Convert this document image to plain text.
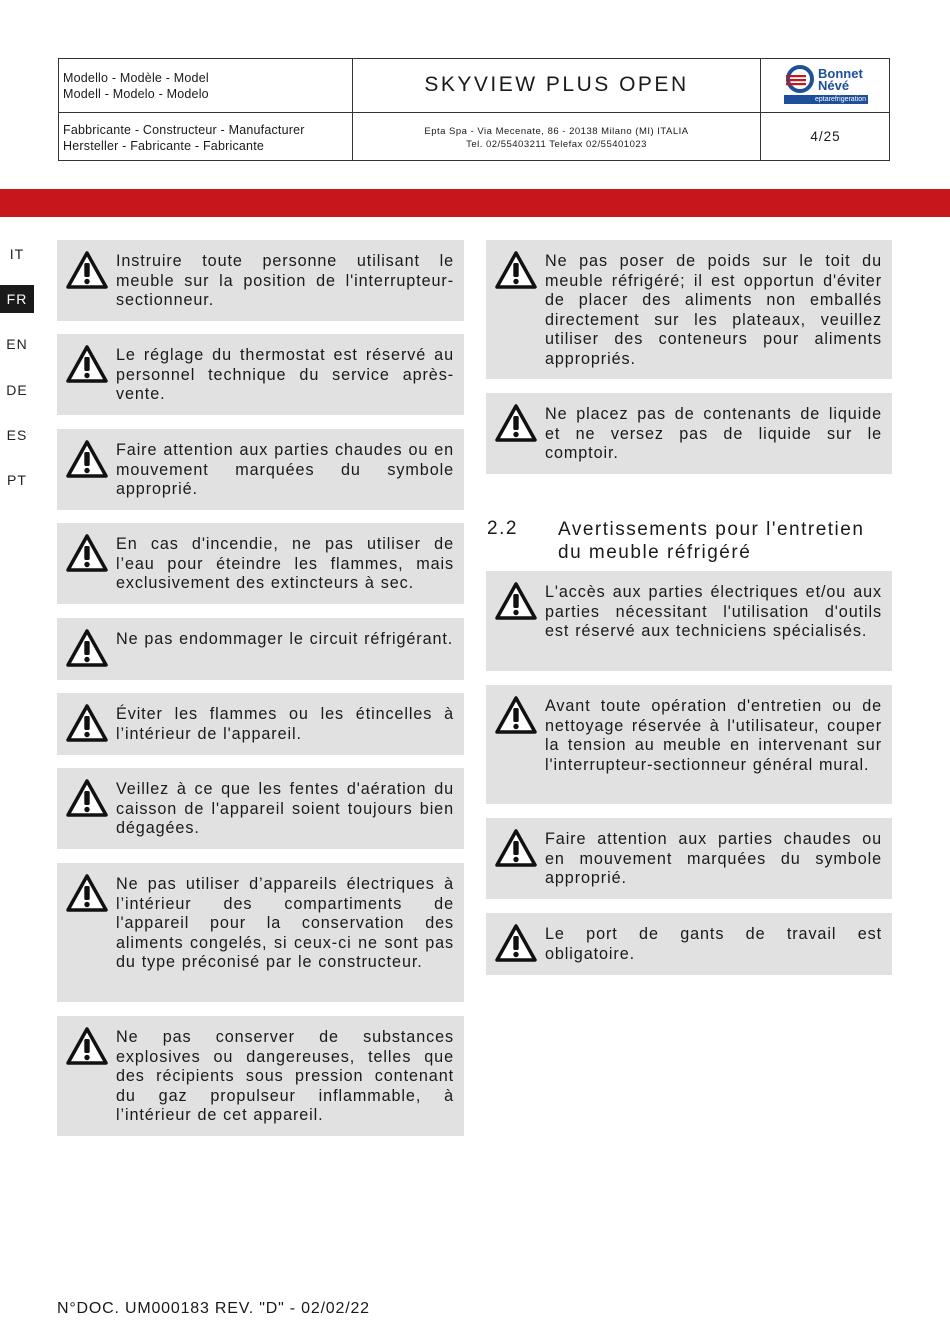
Modello - Modèle - Model
Modell - Modelo - Modelo	SKYVIEW PLUS OPEN
Fabbricante - Constructeur - Manufacturer
Hersteller - Fabricante - Fabricante
Epta Spa - Via Mecenate, 86 - 20138 Milano (MI) ITALIA
Tel. 02/55403211 Telefax 02/55401023
4/25
Bonnet
Névé
eptarefrigeration
IT
FR
EN
DE
ES
PT
Instruire toute personne utilisant le meuble sur la position de l'interrupteur-sectionneur.
Le réglage du thermostat est réservé au personnel technique du service après-vente.
Faire attention aux parties chaudes ou en mouvement marquées du symbole approprié.
En cas d'incendie, ne pas utiliser de l’eau pour éteindre les flammes, mais exclusivement des extincteurs à sec.
Ne pas endommager le circuit réfrigérant.
Éviter les flammes ou les étincelles à l’intérieur de l'appareil.
Veillez à ce que les fentes d'aération du caisson de l'appareil soient toujours bien dégagées.
Ne pas utiliser d’appareils électriques à l’intérieur des compartiments de l'appareil pour la conservation des aliments congelés, si ceux-ci ne sont pas du type préconisé par le constructeur.
Ne pas conserver de substances explosives ou dangereuses, telles que des récipients sous pression contenant du gaz propulseur inflammable, à l’intérieur de cet appareil.
Ne pas poser de poids sur le toit du meuble réfrigéré; il est opportun d'éviter de placer des aliments non emballés directement sur les plateaux, veuillez utiliser des conteneurs pour aliments appropriés.
Ne placez pas de contenants de liquide et ne versez pas de liquide sur le comptoir.
2.2 Avertissements pour l'entretien du meuble réfrigéré
L'accès aux parties électriques et/ou aux parties nécessitant l'utilisation d'outils est réservé aux techniciens spécialisés.
Avant toute opération d'entretien ou de nettoyage réservée à l'utilisateur, couper la tension au meuble en intervenant sur l'interrupteur-sectionneur général mural.
Faire attention aux parties chaudes ou en mouvement marquées du symbole approprié.
Le port de gants de travail est obligatoire.
N°DOC. UM000183 REV. "D" - 02/02/22
